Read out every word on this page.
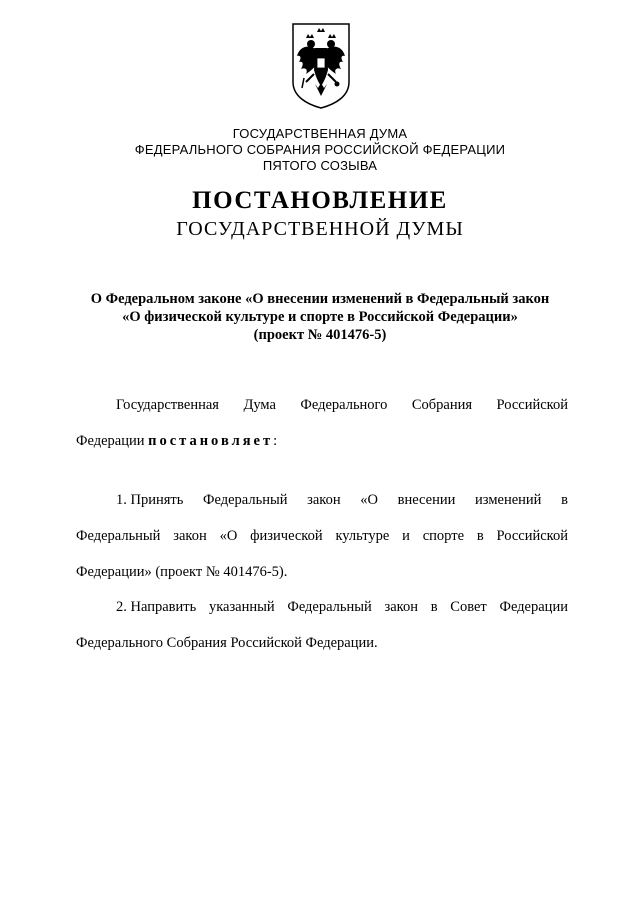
ГОСУДАРСТВЕННАЯ ДУМА
ФЕДЕРАЛЬНОГО СОБРАНИЯ РОССИЙСКОЙ ФЕДЕРАЦИИ
ПЯТОГО СОЗЫВА
ПОСТАНОВЛЕНИЕ
ГОСУДАРСТВЕННОЙ ДУМЫ
О Федеральном законе «О внесении изменений в Федеральный закон
«О физической культуре и спорте в Российской Федерации»
(проект № 401476-5)
Государственная Дума Федерального Собрания Российской
Федерации постановляет:
1. Принять Федеральный закон «О внесении изменений в
Федеральный закон «О физической культуре и спорте в Российской
Федерации» (проект № 401476-5).
2. Направить указанный Федеральный закон в Совет Федерации
Федерального Собрания Российской Федерации.
